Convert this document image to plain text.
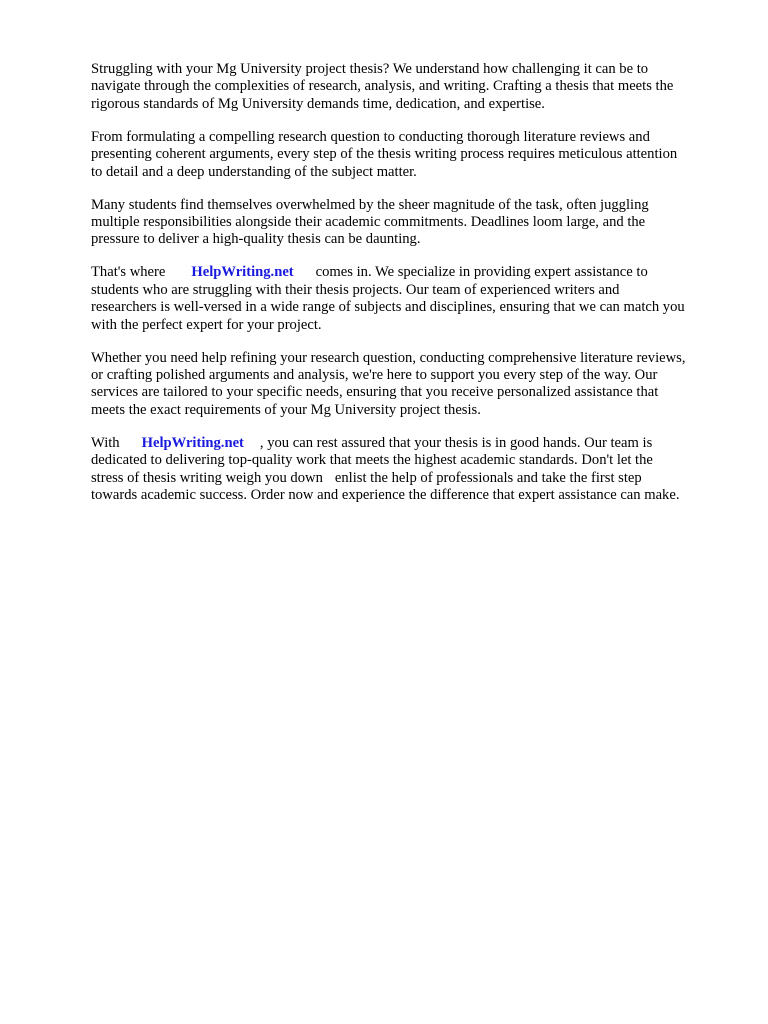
Struggling with your Mg University project thesis? We understand how challenging it can be to
navigate through the complexities of research, analysis, and writing. Crafting a thesis that meets the
rigorous standards of Mg University demands time, dedication, and expertise.

From formulating a compelling research question to conducting thorough literature reviews and
presenting coherent arguments, every step of the thesis writing process requires meticulous attention
to detail and a deep understanding of the subject matter.

Many students find themselves overwhelmed by the sheer magnitude of the task, often juggling
multiple responsibilities alongside their academic commitments. Deadlines loom large, and the
pressure to deliver a high-quality thesis can be daunting.

That's where HelpWriting.net comes in. We specialize in providing expert assistance to
students who are struggling with their thesis projects. Our team of experienced writers and
researchers is well-versed in a wide range of subjects and disciplines, ensuring that we can match you
with the perfect expert for your project.

Whether you need help refining your research question, conducting comprehensive literature reviews,
or crafting polished arguments and analysis, we're here to support you every step of the way. Our
services are tailored to your specific needs, ensuring that you receive personalized assistance that
meets the exact requirements of your Mg University project thesis.

With HelpWriting.net , you can rest assured that your thesis is in good hands. Our team is
dedicated to delivering top-quality work that meets the highest academic standards. Don't let the
stress of thesis writing weigh you down enlist the help of professionals and take the first step
towards academic success. Order now and experience the difference that expert assistance can make.
